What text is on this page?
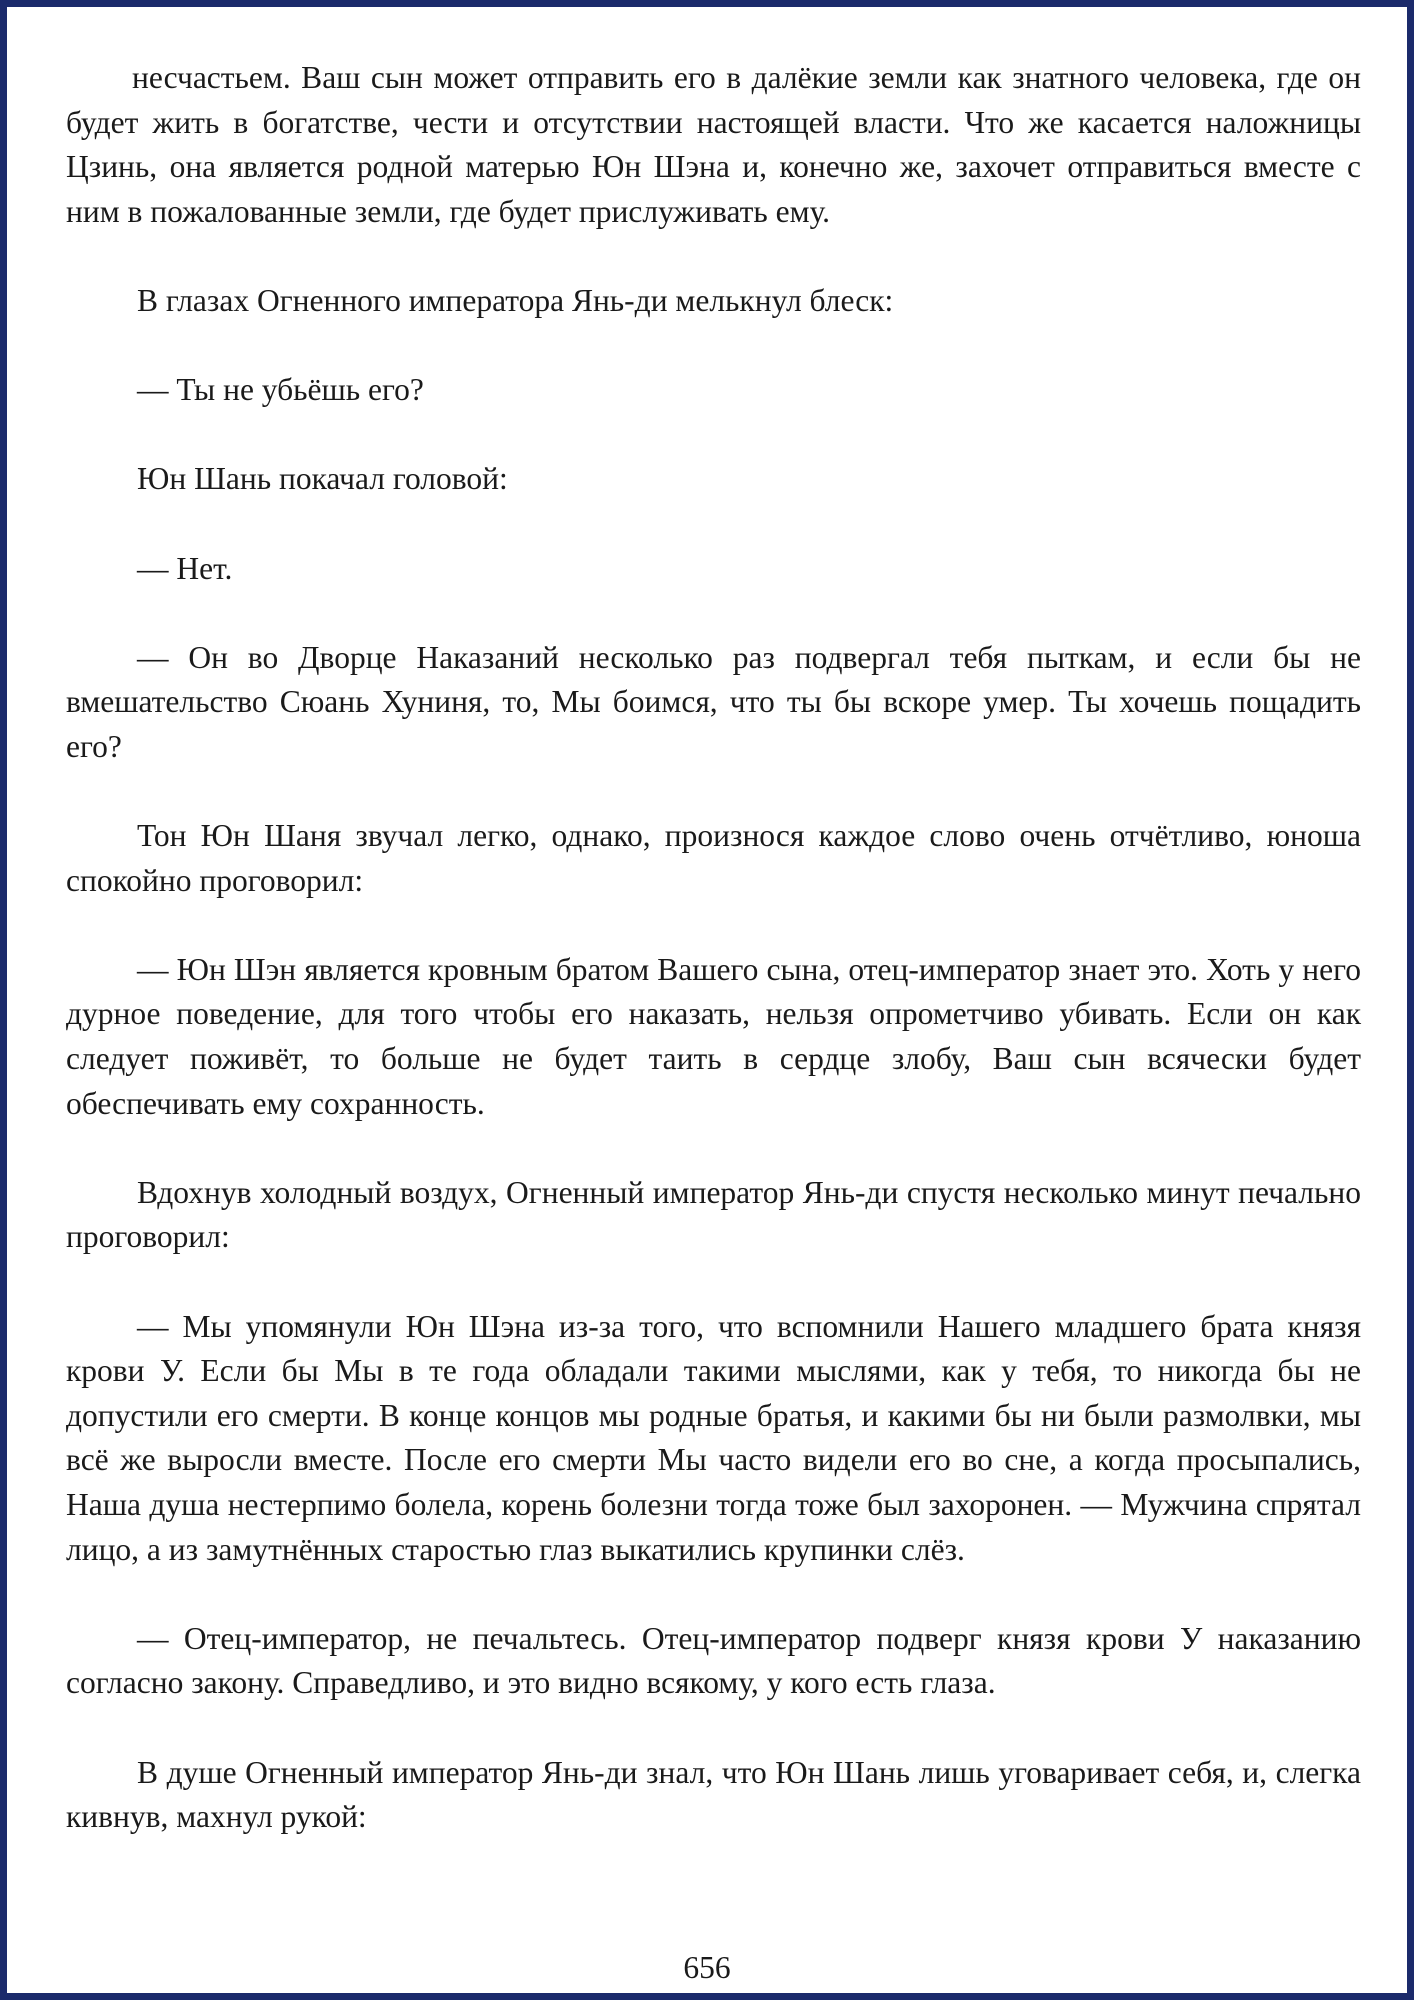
несчастьем. Ваш сын может отправить его в далёкие земли как знатного человека, где он будет жить в богатстве, чести и отсутствии настоящей власти. Что же касается наложницы Цзинь, она является родной матерью Юн Шэна и, конечно же, захочет отправиться вместе с ним в пожалованные земли, где будет прислуживать ему.

В глазах Огненного императора Янь-ди мелькнул блеск:

— Ты не убьёшь его?

Юн Шань покачал головой:

— Нет.

— Он во Дворце Наказаний несколько раз подвергал тебя пыткам, и если бы не вмешательство Сюань Хуниня, то, Мы боимся, что ты бы вскоре умер. Ты хочешь пощадить его?

Тон Юн Шаня звучал легко, однако, произнося каждое слово очень отчётливо, юноша спокойно проговорил:

— Юн Шэн является кровным братом Вашего сына, отец-император знает это. Хоть у него дурное поведение, для того чтобы его наказать, нельзя опрометчиво убивать. Если он как следует поживёт, то больше не будет таить в сердце злобу, Ваш сын всячески будет обеспечивать ему сохранность.

Вдохнув холодный воздух, Огненный император Янь-ди спустя несколько минут печально проговорил:

— Мы упомянули Юн Шэна из-за того, что вспомнили Нашего младшего брата князя крови У. Если бы Мы в те года обладали такими мыслями, как у тебя, то никогда бы не допустили его смерти. В конце концов мы родные братья, и какими бы ни были размолвки, мы всё же выросли вместе. После его смерти Мы часто видели его во сне, а когда просыпались, Наша душа нестерпимо болела, корень болезни тогда тоже был захоронен. — Мужчина спрятал лицо, а из замутнённых старостью глаз выкатились крупинки слёз.

— Отец-император, не печальтесь. Отец-император подверг князя крови У наказанию согласно закону. Справедливо, и это видно всякому, у кого есть глаза.

В душе Огненный император Янь-ди знал, что Юн Шань лишь уговаривает себя, и, слегка кивнув, махнул рукой:

656
